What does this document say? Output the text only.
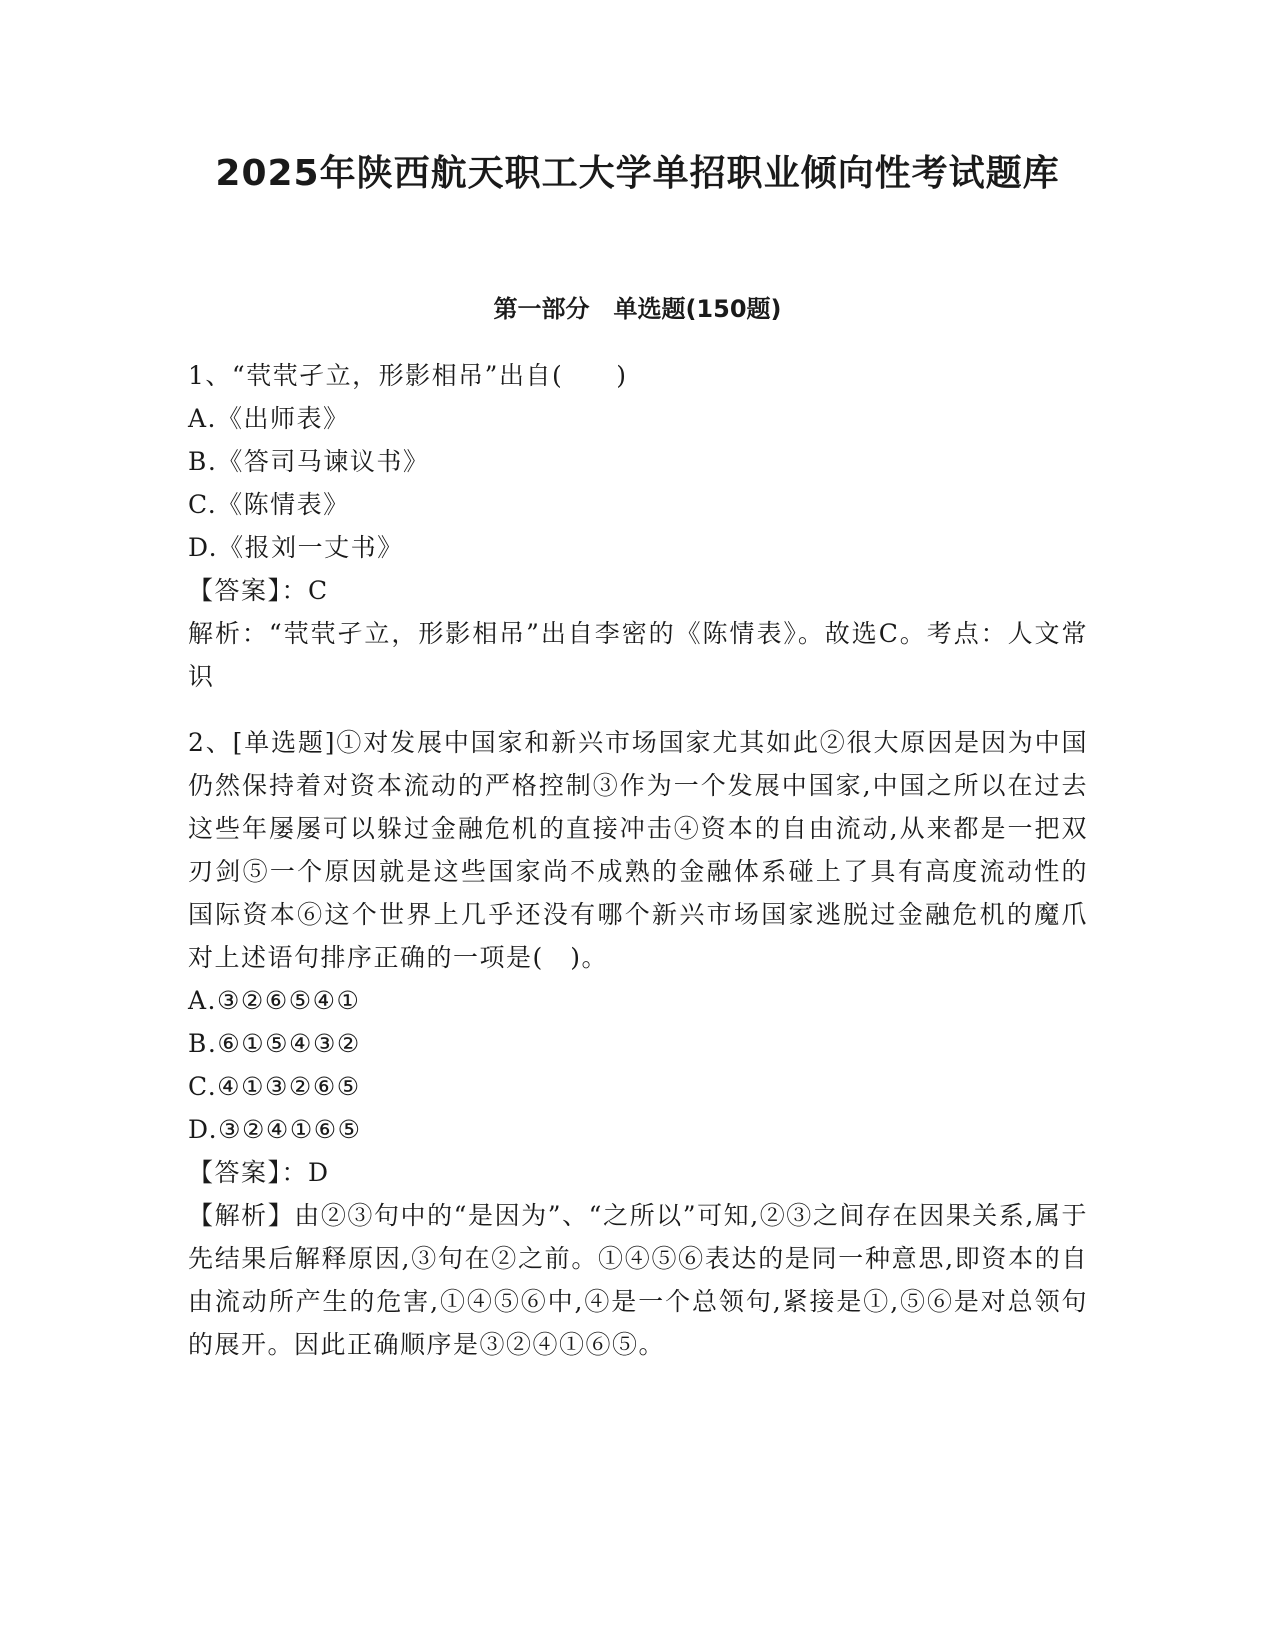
2025年陕西航天职工大学单招职业倾向性考试题库
第一部分　单选题(150题)
1、“茕茕孑立，形影相吊”出自(　　)
A.《出师表》
B.《答司马谏议书》
C.《陈情表》
D.《报刘一丈书》
【答案】：C
解析：“茕茕孑立，形影相吊”出自李密的《陈情表》。故选C。考点：人文常识
2、[单选题]①对发展中国家和新兴市场国家尤其如此②很大原因是因为中国仍然保持着对资本流动的严格控制③作为一个发展中国家,中国之所以在过去这些年屡屡可以躲过金融危机的直接冲击④资本的自由流动,从来都是一把双刃剑⑤一个原因就是这些国家尚不成熟的金融体系碰上了具有高度流动性的国际资本⑥这个世界上几乎还没有哪个新兴市场国家逃脱过金融危机的魔爪对上述语句排序正确的一项是(　)。
A.③②⑥⑤④①
B.⑥①⑤④③②
C.④①③②⑥⑤
D.③②④①⑥⑤
【答案】：D
【解析】由②③句中的“是因为”、“之所以”可知,②③之间存在因果关系,属于先结果后解释原因,③句在②之前。①④⑤⑥表达的是同一种意思,即资本的自由流动所产生的危害,①④⑤⑥中,④是一个总领句,紧接是①,⑤⑥是对总领句的展开。因此正确顺序是③②④①⑥⑤。
